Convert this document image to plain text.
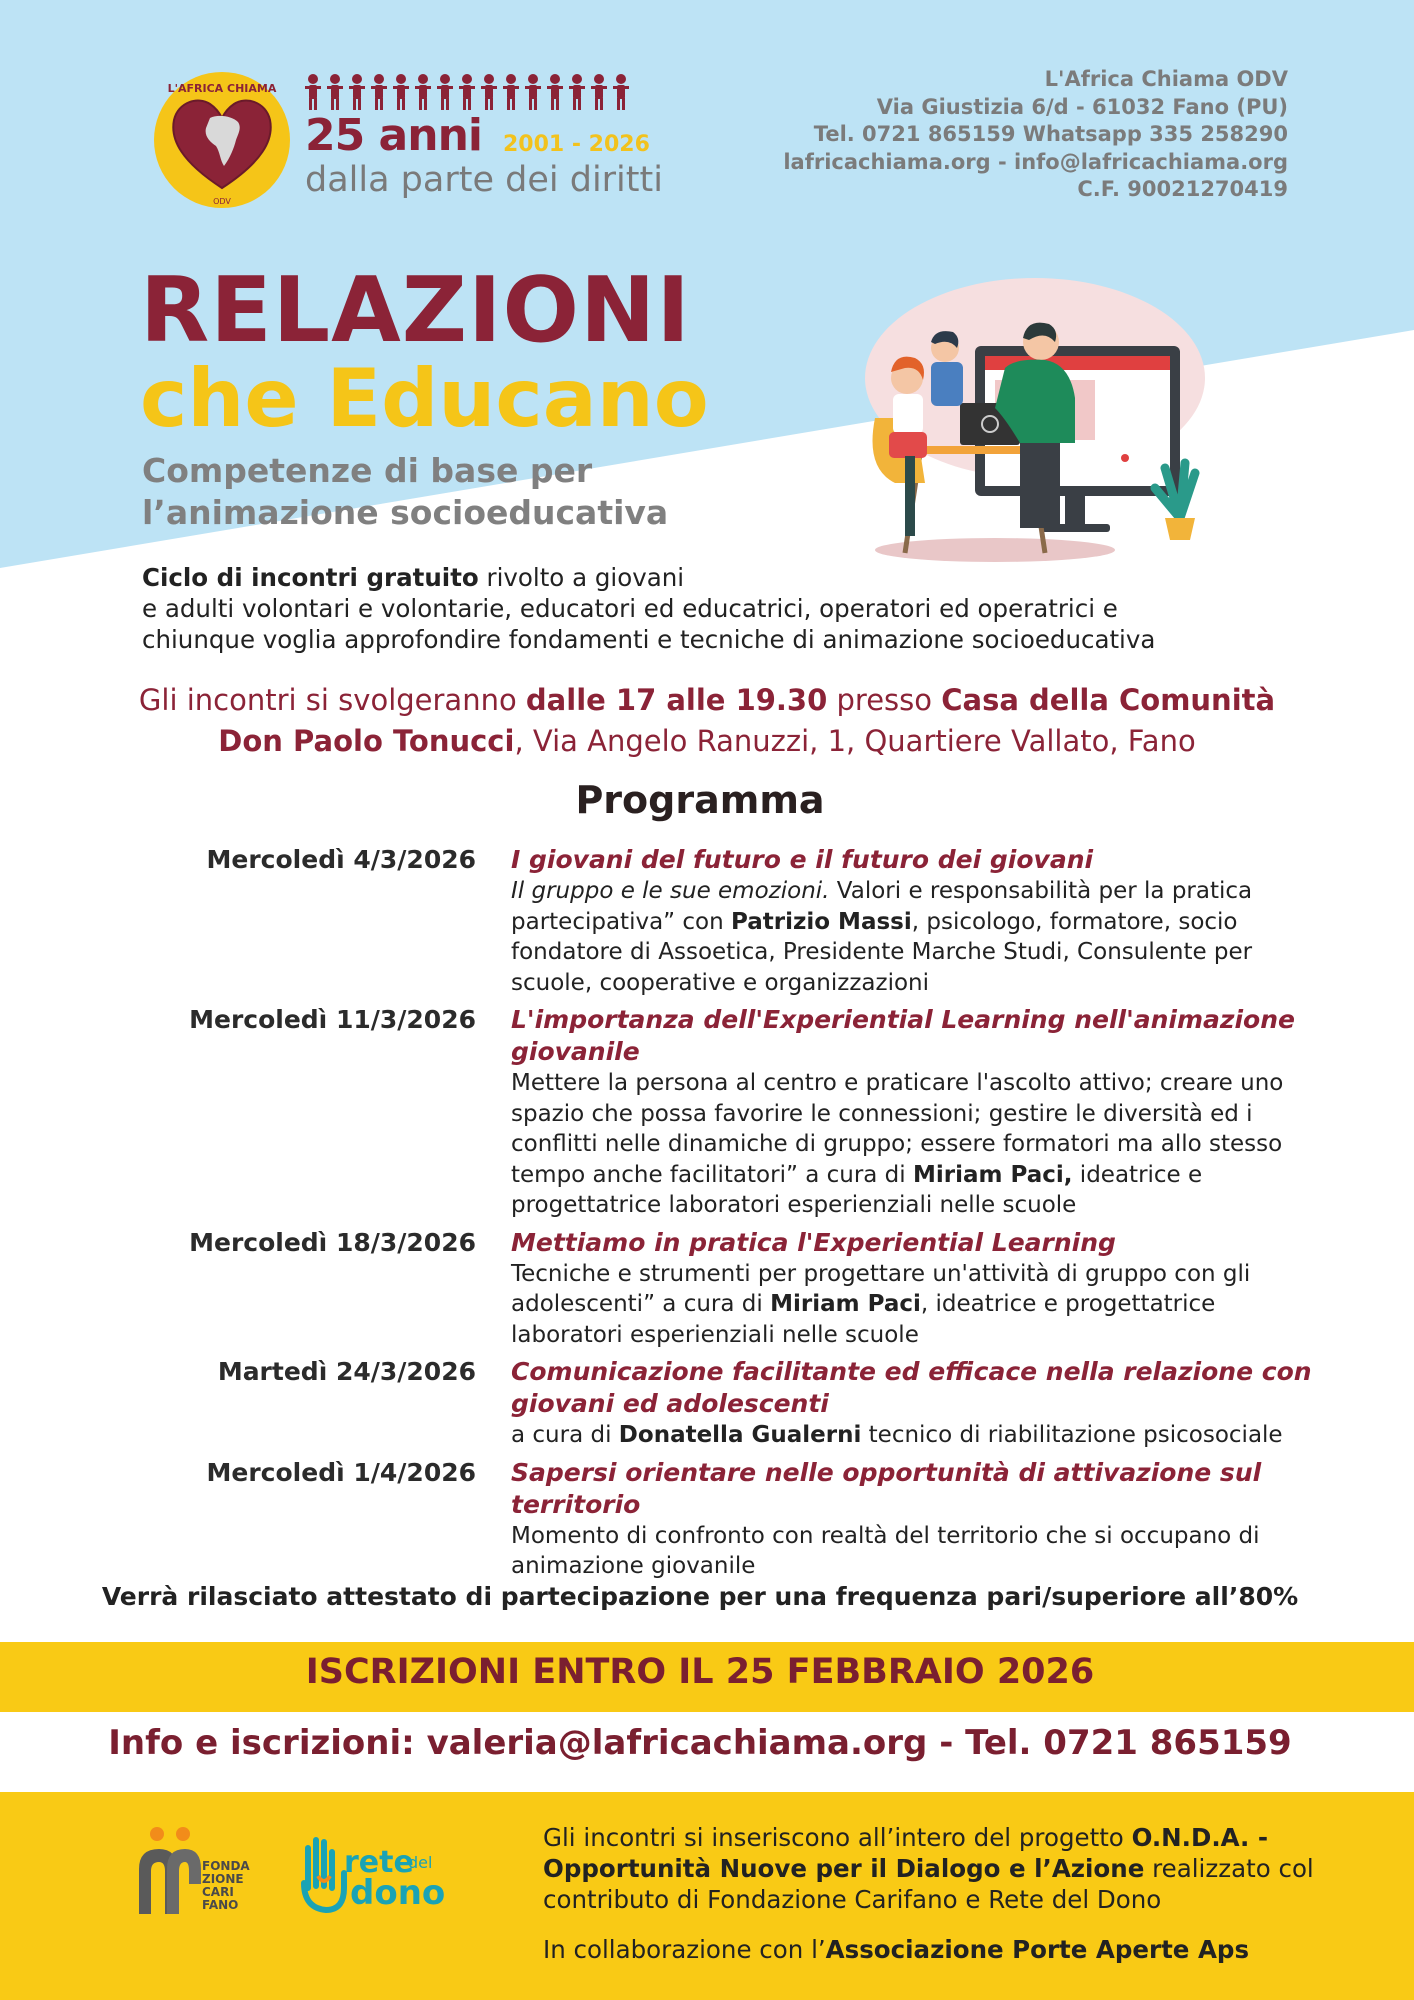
L'AFRICA CHIAMA
ODV
25 anni 2001 - 2026
dalla parte dei diritti
L'Africa Chiama ODV
Via Giustizia 6/d - 61032 Fano (PU)
Tel. 0721 865159 Whatsapp 335 258290
lafricachiama.org - info@lafricachiama.org
C.F. 90021270419
RELAZIONI
che Educano
Competenze di base per
l’animazione socioeducativa
Ciclo di incontri gratuito rivolto a giovani
e adulti volontari e volontarie, educatori ed educatrici, operatori ed operatrici e
chiunque voglia approfondire fondamenti e tecniche di animazione socioeducativa
Gli incontri si svolgeranno dalle 17 alle 19.30 presso Casa della Comunità
Don Paolo Tonucci, Via Angelo Ranuzzi, 1, Quartiere Vallato, Fano
Programma
Mercoledì 4/3/2026 I giovani del futuro e il futuro dei giovani
Il gruppo e le sue emozioni. Valori e responsabilità per la pratica partecipativa” con Patrizio Massi, psicologo, formatore, socio fondatore di Assoetica, Presidente Marche Studi, Consulente per scuole, cooperative e organizzazioni
Mercoledì 11/3/2026 L'importanza dell'Experiential Learning nell'animazione giovanile
Mettere la persona al centro e praticare l'ascolto attivo; creare uno spazio che possa favorire le connessioni; gestire le diversità ed i conflitti nelle dinamiche di gruppo; essere formatori ma allo stesso tempo anche facilitatori” a cura di Miriam Paci, ideatrice e progettatrice laboratori esperienziali nelle scuole
Mercoledì 18/3/2026 Mettiamo in pratica l'Experiential Learning
Tecniche e strumenti per progettare un'attività di gruppo con gli adolescenti” a cura di Miriam Paci, ideatrice e progettatrice laboratori esperienziali nelle scuole
Martedì 24/3/2026 Comunicazione facilitante ed efficace nella relazione con giovani ed adolescenti
a cura di Donatella Gualerni tecnico di riabilitazione psicosociale
Mercoledì 1/4/2026 Sapersi orientare nelle opportunità di attivazione sul territorio
Momento di confronto con realtà del territorio che si occupano di animazione giovanile
Verrà rilasciato attestato di partecipazione per una frequenza pari/superiore all’80%
ISCRIZIONI ENTRO IL 25 FEBBRAIO 2026
Info e iscrizioni: valeria@lafricachiama.org - Tel. 0721 865159
FONDA
ZIONE
CARI
FANO
rete
del
dono
Gli incontri si inseriscono all’intero del progetto O.N.D.A. - Opportunità Nuove per il Dialogo e l’Azione realizzato col contributo di Fondazione Carifano e Rete del Dono
In collaborazione con l’Associazione Porte Aperte Aps
